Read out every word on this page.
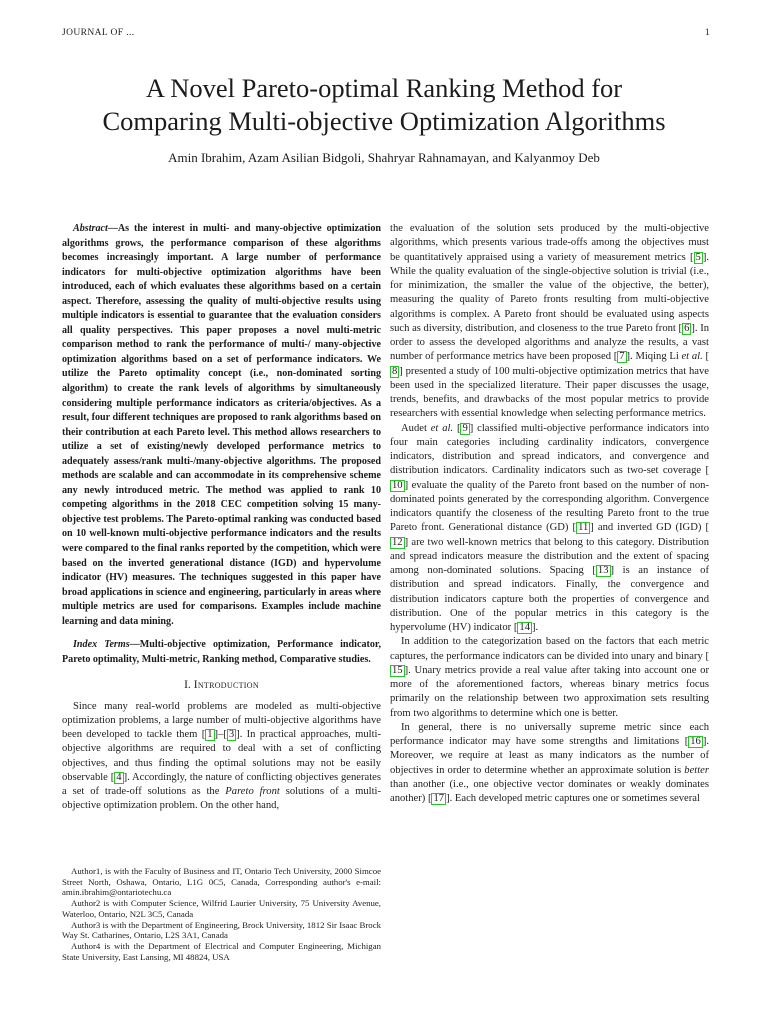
JOURNAL OF ...	1
A Novel Pareto-optimal Ranking Method for
Comparing Multi-objective Optimization Algorithms
Amin Ibrahim, Azam Asilian Bidgoli, Shahryar Rahnamayan, and Kalyanmoy Deb

Abstract—As the interest in multi- and many-objective optimization algorithms grows, the performance comparison of these algorithms becomes increasingly important. A large number of performance indicators for multi-objective optimization algorithms have been introduced, each of which evaluates these algorithms based on a certain aspect. Therefore, assessing the quality of multi-objective results using multiple indicators is essential to guarantee that the evaluation considers all quality perspectives. This paper proposes a novel multi-metric comparison method to rank the performance of multi-/ many-objective optimization algorithms based on a set of performance indicators. We utilize the Pareto optimality concept (i.e., non-dominated sorting algorithm) to create the rank levels of algorithms by simultaneously considering multiple performance indicators as criteria/objectives. As a result, four different techniques are proposed to rank algorithms based on their contribution at each Pareto level. This method allows researchers to utilize a set of existing/newly developed performance metrics to adequately assess/rank multi-/many-objective algorithms. The proposed methods are scalable and can accommodate in its comprehensive scheme any newly introduced metric. The method was applied to rank 10 competing algorithms in the 2018 CEC competition solving 15 many-objective test problems. The Pareto-optimal ranking was conducted based on 10 well-known multi-objective performance indicators and the results were compared to the final ranks reported by the competition, which were based on the inverted generational distance (IGD) and hypervolume indicator (HV) measures. The techniques suggested in this paper have broad applications in science and engineering, particularly in areas where multiple metrics are used for comparisons. Examples include machine learning and data mining.

Index Terms—Multi-objective optimization, Performance indicator, Pareto optimality, Multi-metric, Ranking method, Comparative studies.

I. Introduction

Since many real-world problems are modeled as multi-objective optimization problems, a large number of multi-objective algorithms have been developed to tackle them [ 1 ]–[ 3 ]. In practical approaches, multi-objective algorithms are required to deal with a set of conflicting objectives, and thus finding the optimal solutions may not be easily observable [ 4 ]. Accordingly, the nature of conflicting objectives generates a set of trade-off solutions as the Pareto front solutions of a multi-objective optimization problem. On the other hand,

Author1, is with the Faculty of Business and IT, Ontario Tech University, 2000 Simcoe Street North, Oshawa, Ontario, L1G 0C5, Canada, Corresponding author's e-mail: amin.ibrahim@ontariotechu.ca

Author2 is with Computer Science, Wilfrid Laurier University, 75 University Avenue, Waterloo, Ontario, N2L 3C5, Canada

Author3 is with the Department of Engineering, Brock University, 1812 Sir Isaac Brock Way St. Catharines, Ontario, L2S 3A1, Canada

Author4 is with the Department of Electrical and Computer Engineering, Michigan State University, East Lansing, MI 48824, USA

the evaluation of the solution sets produced by the multi-objective algorithms, which presents various trade-offs among the objectives must be quantitatively appraised using a variety of measurement metrics [ 5 ]. While the quality evaluation of the single-objective solution is trivial (i.e., for minimization, the smaller the value of the objective, the better), measuring the quality of Pareto fronts resulting from multi-objective algorithms is complex. A Pareto front should be evaluated using aspects such as diversity, distribution, and closeness to the true Pareto front [ 6 ]. In order to assess the developed algorithms and analyze the results, a vast number of performance metrics have been proposed [ 7 ]. Miqing Li et al. [8 ] presented a study of 100 multi-objective optimization metrics that have been used in the specialized literature. Their paper discusses the usage, trends, benefits, and drawbacks of the most popular metrics to provide researchers with essential knowledge when selecting performance metrics.

Audet et al. [ 9 ] classified multi-objective performance indicators into four main categories including cardinality indicators, convergence indicators, distribution and spread indicators, and convergence and distribution indicators. Cardinality indicators such as two-set coverage [10 ] evaluate the quality of the Pareto front based on the number of non-dominated points generated by the corresponding algorithm. Convergence indicators quantify the closeness of the resulting Pareto front to the true Pareto front. Generational distance (GD) [ 11 ] and inverted GD (IGD) [12 ] are two well-known metrics that belong to this category. Distribution and spread indicators measure the distribution and the extent of spacing among non-dominated solutions. Spacing [ 13 ] is an instance of distribution and spread indicators. Finally, the convergence and distribution indicators capture both the properties of convergence and distribution. One of the popular metrics in this category is the hypervolume (HV) indicator [ 14 ].

In addition to the categorization based on the factors that each metric captures, the performance indicators can be divided into unary and binary [15 ]. Unary metrics provide a real value after taking into account one or more of the aforementioned factors, whereas binary metrics focus primarily on the relationship between two approximation sets resulting from two algorithms to determine which one is better.

In general, there is no universally supreme metric since each performance indicator may have some strengths and limitations [ 16 ]. Moreover, we require at least as many indicators as the number of objectives in order to determine whether an approximate solution is better than another (i.e., one objective vector dominates or weakly dominates another) [ 17 ]. Each developed metric captures one or sometimes several
